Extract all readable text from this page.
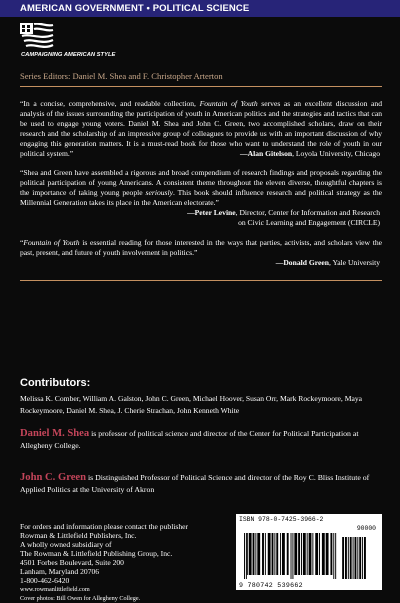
AMERICAN GOVERNMENT • POLITICAL SCIENCE
CAMPAIGNING AMERICAN STYLE
Series Editors: Daniel M. Shea and F. Christopher Arterton
“In a concise, comprehensive, and readable collection, Fountain of Youth serves as an excellent discussion and analysis of the issues surrounding the participation of youth in American politics and the strategies and tactics that can be used to engage young voters. Daniel M. Shea and John C. Green, two accomplished scholars, draw on their research and the scholarship of an impressive group of colleagues to provide us with an important discussion of why engaging this generation matters. It is a must-read book for those who want to understand the role of youth in our political system.”	—Alan Gitelson, Loyola University, Chicago
“Shea and Green have assembled a rigorous and broad compendium of research findings and proposals regarding the political participation of young Americans. A consistent theme throughout the eleven diverse, thoughtful chapters is the importance of taking young people seriously. This book should influence research and political strategy as the Millennial Generation takes its place in the American electorate.”
—Peter Levine, Director, Center for Information and Research
on Civic Learning and Engagement (CIRCLE)
“Fountain of Youth is essential reading for those interested in the ways that parties, activists, and scholars view the past, present, and future of youth involvement in politics.”
—Donald Green, Yale University
Contributors:
Melissa K. Comber, William A. Galston, John C. Green, Michael Hoover, Susan Orr, Mark Rockeymoore, Maya Rockeymoore, Daniel M. Shea, J. Cherie Strachan, John Kenneth White
Daniel M. Shea is professor of political science and director of the Center for Political Participation at Allegheny College.
John C. Green is Distinguished Professor of Political Science and director of the Roy C. Bliss Institute of Applied Politics at the University of Akron
For orders and information please contact the publisher
Rowman & Littlefield Publishers, Inc.
A wholly owned subsidiary of
The Rowman & Littlefield Publishing Group, Inc.
4501 Forbes Boulevard, Suite 200
Lanham, Maryland 20706
1-800-462-6420
www.rowmanlittlefield.com
Cover photos: Bill Owen for Allegheny College.
ISBN 978-0-7425-3966-2
90000
9 780742 539662
